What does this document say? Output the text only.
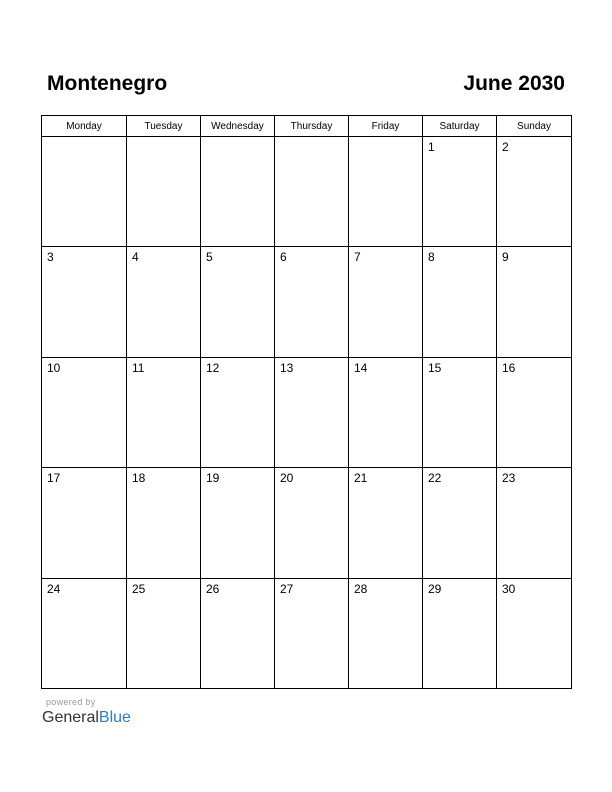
Montenegro	June 2030
Monday	Tuesday	Wednesday	Thursday	Friday	Saturday	Sunday

					1	2

3	4	5	6	7	8	9

10	11	12	13	14	15	16

17	18	19	20	21	22	23

24	25	26	27	28	29	30
powered by
GeneralBlue
